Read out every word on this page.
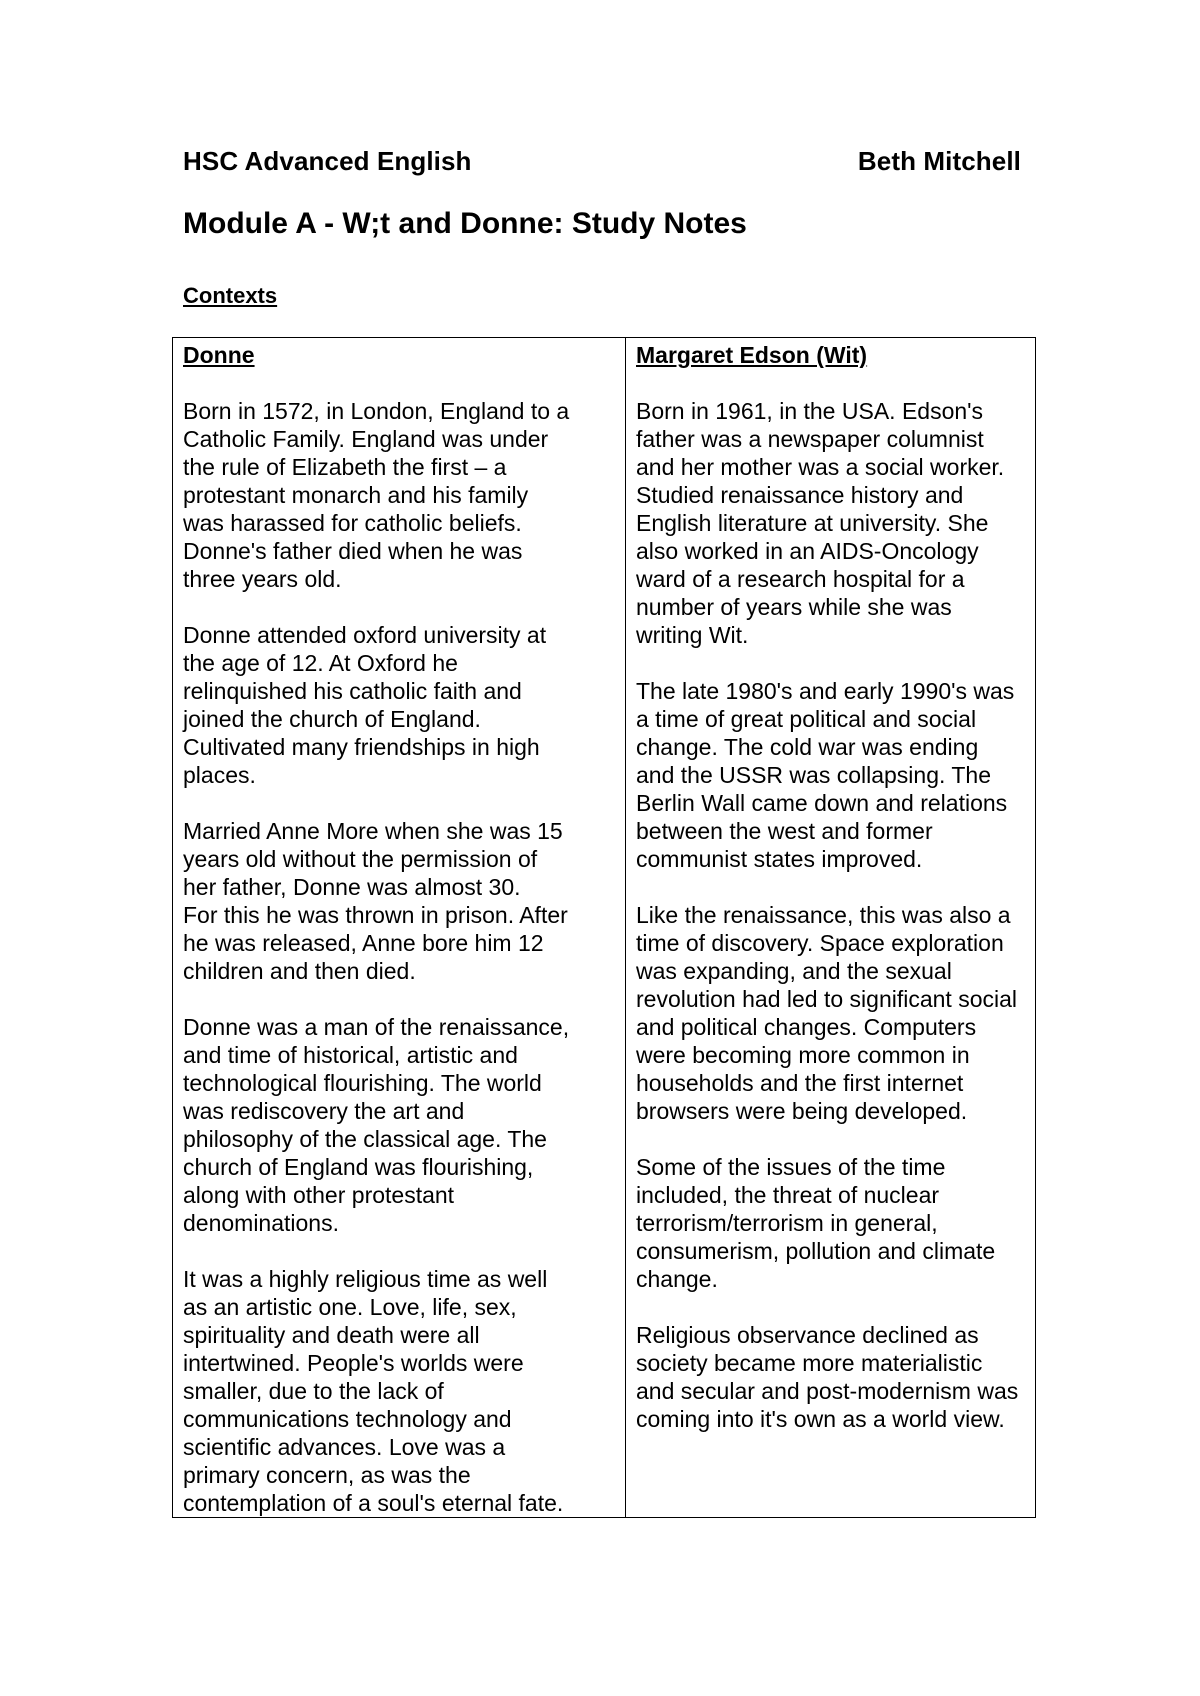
HSC Advanced English	Beth Mitchell
Module A - W;t and Donne: Study Notes
Contexts
Donne

Born in 1572, in London, England to a
Catholic Family. England was under
the rule of Elizabeth the first – a
protestant monarch and his family
was harassed for catholic beliefs.
Donne's father died when he was
three years old.

Donne attended oxford university at
the age of 12. At Oxford he
relinquished his catholic faith and
joined the church of England.
Cultivated many friendships in high
places.

Married Anne More when she was 15
years old without the permission of
her father, Donne was almost 30.
For this he was thrown in prison. After
he was released, Anne bore him 12
children and then died.

Donne was a man of the renaissance,
and time of historical, artistic and
technological flourishing. The world
was rediscovery the art and
philosophy of the classical age. The
church of England was flourishing,
along with other protestant
denominations.

It was a highly religious time as well
as an artistic one. Love, life, sex,
spirituality and death were all
intertwined. People's worlds were
smaller, due to the lack of
communications technology and
scientific advances. Love was a
primary concern, as was the
contemplation of a soul's eternal fate.

Margaret Edson (Wit)

Born in 1961, in the USA. Edson's
father was a newspaper columnist
and her mother was a social worker.
Studied renaissance history and
English literature at university. She
also worked in an AIDS-Oncology
ward of a research hospital for a
number of years while she was
writing Wit.

The late 1980's and early 1990's was
a time of great political and social
change. The cold war was ending
and the USSR was collapsing. The
Berlin Wall came down and relations
between the west and former
communist states improved.

Like the renaissance, this was also a
time of discovery. Space exploration
was expanding, and the sexual
revolution had led to significant social
and political changes. Computers
were becoming more common in
households and the first internet
browsers were being developed.

Some of the issues of the time
included, the threat of nuclear
terrorism/terrorism in general,
consumerism, pollution and climate
change.

Religious observance declined as
society became more materialistic
and secular and post-modernism was
coming into it's own as a world view.
